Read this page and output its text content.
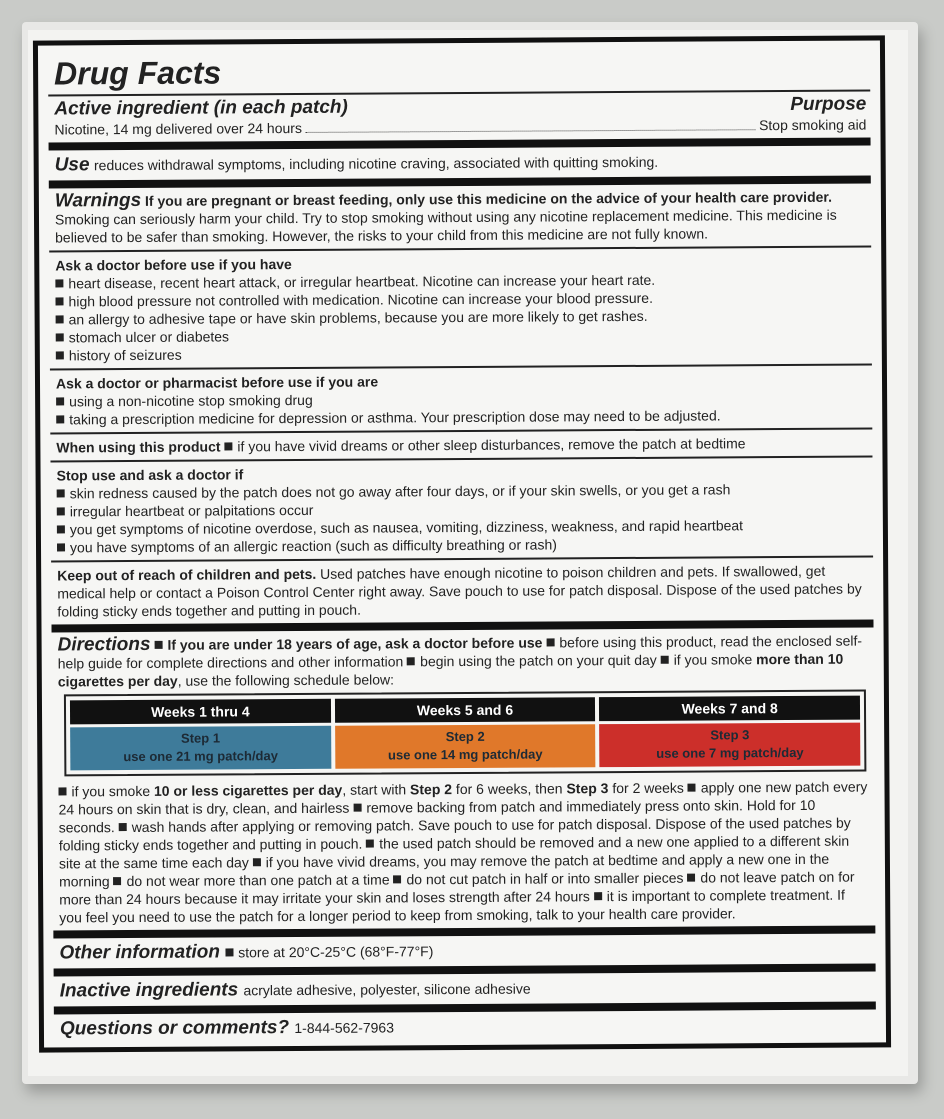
Drug Facts
Active ingredient (in each patch)	Purpose
Nicotine, 14 mg delivered over 24 hours	Stop smoking aid
Use reduces withdrawal symptoms, including nicotine craving, associated with quitting smoking.
Warnings If you are pregnant or breast feeding, only use this medicine on the advice of your health care provider. Smoking can seriously harm your child. Try to stop smoking without using any nicotine replacement medicine. This medicine is believed to be safer than smoking. However, the risks to your child from this medicine are not fully known.
Ask a doctor before use if you have
heart disease, recent heart attack, or irregular heartbeat. Nicotine can increase your heart rate.
high blood pressure not controlled with medication. Nicotine can increase your blood pressure.
an allergy to adhesive tape or have skin problems, because you are more likely to get rashes.
stomach ulcer or diabetes
history of seizures
Ask a doctor or pharmacist before use if you are
using a non-nicotine stop smoking drug
taking a prescription medicine for depression or asthma. Your prescription dose may need to be adjusted.
When using this product if you have vivid dreams or other sleep disturbances, remove the patch at bedtime
Stop use and ask a doctor if
skin redness caused by the patch does not go away after four days, or if your skin swells, or you get a rash
irregular heartbeat or palpitations occur
you get symptoms of nicotine overdose, such as nausea, vomiting, dizziness, weakness, and rapid heartbeat
you have symptoms of an allergic reaction (such as difficulty breathing or rash)
Keep out of reach of children and pets. Used patches have enough nicotine to poison children and pets. If swallowed, get medical help or contact a Poison Control Center right away. Save pouch to use for patch disposal. Dispose of the used patches by folding sticky ends together and putting in pouch.
Directions If you are under 18 years of age, ask a doctor before use before using this product, read the enclosed self-help guide for complete directions and other information begin using the patch on your quit day if you smoke more than 10 cigarettes per day, use the following schedule below:
Weeks 1 thru 4
Step 1
use one 21 mg patch/day
Weeks 5 and 6
Step 2
use one 14 mg patch/day
Weeks 7 and 8
Step 3
use one 7 mg patch/day
if you smoke 10 or less cigarettes per day, start with Step 2 for 6 weeks, then Step 3 for 2 weeks apply one new patch every 24 hours on skin that is dry, clean, and hairless remove backing from patch and immediately press onto skin. Hold for 10 seconds. wash hands after applying or removing patch. Save pouch to use for patch disposal. Dispose of the used patches by folding sticky ends together and putting in pouch. the used patch should be removed and a new one applied to a different skin site at the same time each day if you have vivid dreams, you may remove the patch at bedtime and apply a new one in the morning do not wear more than one patch at a time do not cut patch in half or into smaller pieces do not leave patch on for more than 24 hours because it may irritate your skin and loses strength after 24 hours it is important to complete treatment. If you feel you need to use the patch for a longer period to keep from smoking, talk to your health care provider.
Other information store at 20°C-25°C (68°F-77°F)
Inactive ingredients acrylate adhesive, polyester, silicone adhesive
Questions or comments? 1-844-562-7963
